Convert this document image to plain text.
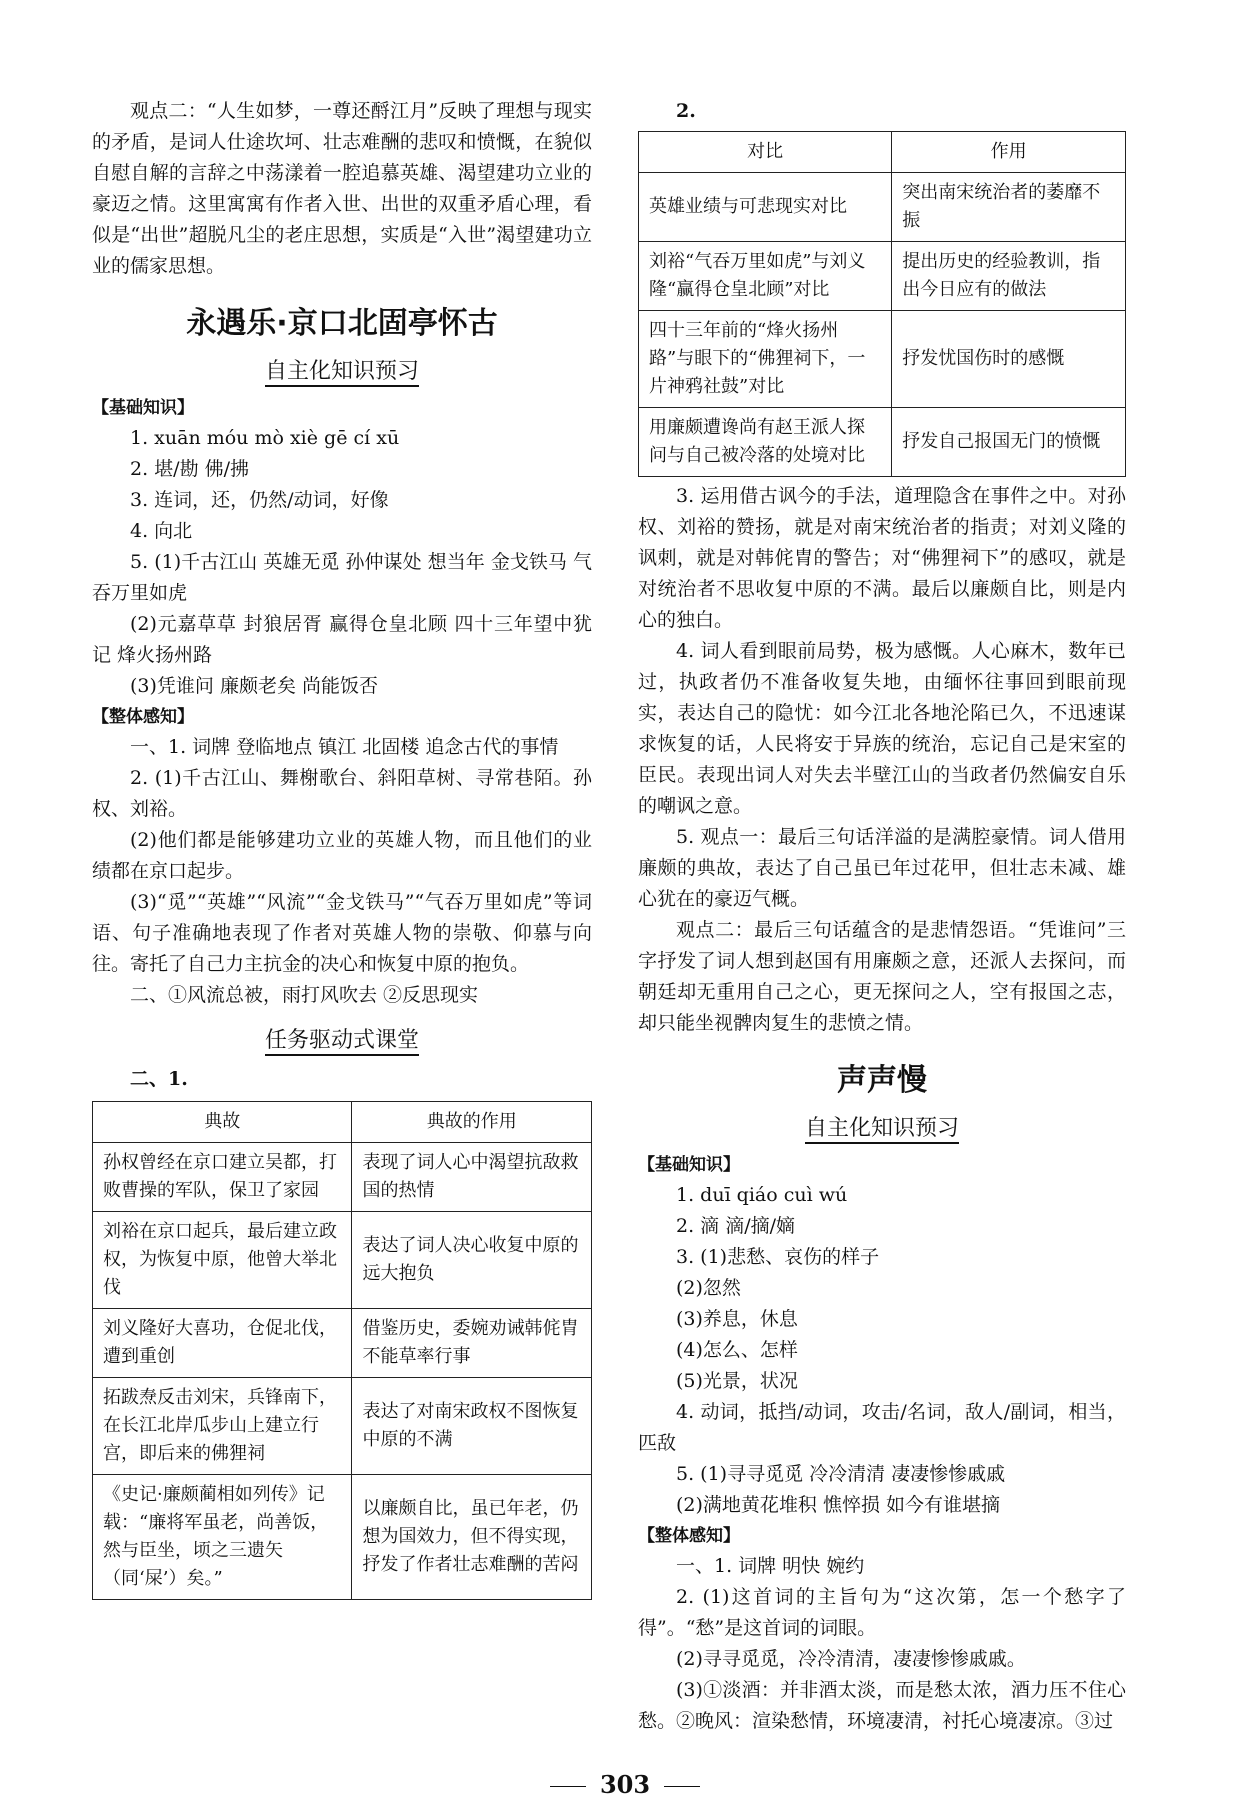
观点二：“人生如梦，一尊还酹江月”反映了理想与现实的矛盾，是词人仕途坎坷、壮志难酬的悲叹和愤慨，在貌似自慰自解的言辞之中荡漾着一腔追慕英雄、渴望建功立业的豪迈之情。这里寓寓有作者入世、出世的双重矛盾心理，看似是“出世”超脱凡尘的老庄思想，实质是“入世”渴望建功立业的儒家思想。

永遇乐·京口北固亭怀古
自主化知识预习
【基础知识】

1. xuān móu mò xiè gē cí xū

2. 堪/勘 佛/拂

3. 连词，还，仍然/动词，好像

4. 向北

5. (1)千古江山 英雄无觅 孙仲谋处 想当年 金戈铁马 气吞万里如虎

(2)元嘉草草 封狼居胥 赢得仓皇北顾 四十三年望中犹记 烽火扬州路

(3)凭谁问 廉颇老矣 尚能饭否

【整体感知】

一、1. 词牌 登临地点 镇江 北固楼 追念古代的事情

2. (1)千古江山、舞榭歌台、斜阳草树、寻常巷陌。孙权、刘裕。

(2)他们都是能够建功立业的英雄人物，而且他们的业绩都在京口起步。

(3)“觅”“英雄”“风流”“金戈铁马”“气吞万里如虎”等词语、句子准确地表现了作者对英雄人物的崇敬、仰慕与向往。寄托了自己力主抗金的决心和恢复中原的抱负。

二、①风流总被，雨打风吹去 ②反思现实

任务驱动式课堂

二、1.

典故	典故的作用
孙权曾经在京口建立吴都，打败曹操的军队，保卫了家园	表现了词人心中渴望抗敌救国的热情
刘裕在京口起兵，最后建立政权，为恢复中原，他曾大举北伐	表达了词人决心收复中原的远大抱负
刘义隆好大喜功，仓促北伐，遭到重创	借鉴历史，委婉劝诫韩侂胄不能草率行事
拓跋焘反击刘宋，兵锋南下，在长江北岸瓜步山上建立行宫，即后来的佛狸祠	表达了对南宋政权不图恢复中原的不满
《史记·廉颇蔺相如列传》记载：“廉将军虽老，尚善饭，然与臣坐，顷之三遗矢（同‘屎’）矣。”	以廉颇自比，虽已年老，仍想为国效力，但不得实现，抒发了作者壮志难酬的苦闷

2.

对比	作用
英雄业绩与可悲现实对比	突出南宋统治者的萎靡不振
刘裕“气吞万里如虎”与刘义隆“赢得仓皇北顾”对比	提出历史的经验教训，指出今日应有的做法
四十三年前的“烽火扬州路”与眼下的“佛狸祠下，一片神鸦社鼓”对比	抒发忧国伤时的感慨
用廉颇遭谗尚有赵王派人探问与自己被冷落的处境对比	抒发自己报国无门的愤慨

3. 运用借古讽今的手法，道理隐含在事件之中。对孙权、刘裕的赞扬，就是对南宋统治者的指责；对刘义隆的讽刺，就是对韩侂胄的警告；对“佛狸祠下”的感叹，就是对统治者不思收复中原的不满。最后以廉颇自比，则是内心的独白。

4. 词人看到眼前局势，极为感慨。人心麻木，数年已过，执政者仍不准备收复失地，由缅怀往事回到眼前现实，表达自己的隐忧：如今江北各地沦陷已久，不迅速谋求恢复的话，人民将安于异族的统治，忘记自己是宋室的臣民。表现出词人对失去半壁江山的当政者仍然偏安自乐的嘲讽之意。

5. 观点一：最后三句话洋溢的是满腔豪情。词人借用廉颇的典故，表达了自己虽已年过花甲，但壮志未减、雄心犹在的豪迈气概。

观点二：最后三句话蕴含的是悲情怨语。“凭谁问”三字抒发了词人想到赵国有用廉颇之意，还派人去探问，而朝廷却无重用自己之心，更无探问之人，空有报国之志，却只能坐视髀肉复生的悲愤之情。

声声慢
自主化知识预习
【基础知识】

1. duī qiáo cuì wú

2. 滴 滴/摘/嫡

3. (1)悲愁、哀伤的样子

(2)忽然

(3)养息，休息

(4)怎么、怎样

(5)光景，状况

4. 动词，抵挡/动词，攻击/名词，敌人/副词，相当，匹敌

5. (1)寻寻觅觅 冷冷清清 凄凄惨惨戚戚

(2)满地黄花堆积 憔悴损 如今有谁堪摘

【整体感知】

一、1. 词牌 明快 婉约

2. (1)这首词的主旨句为“这次第，怎一个愁字了得”。“愁”是这首词的词眼。

(2)寻寻觅觅，冷冷清清，凄凄惨惨戚戚。

(3)①淡酒：并非酒太淡，而是愁太浓，酒力压不住心愁。②晚风：渲染愁情，环境凄清，衬托心境凄凉。③过

303
